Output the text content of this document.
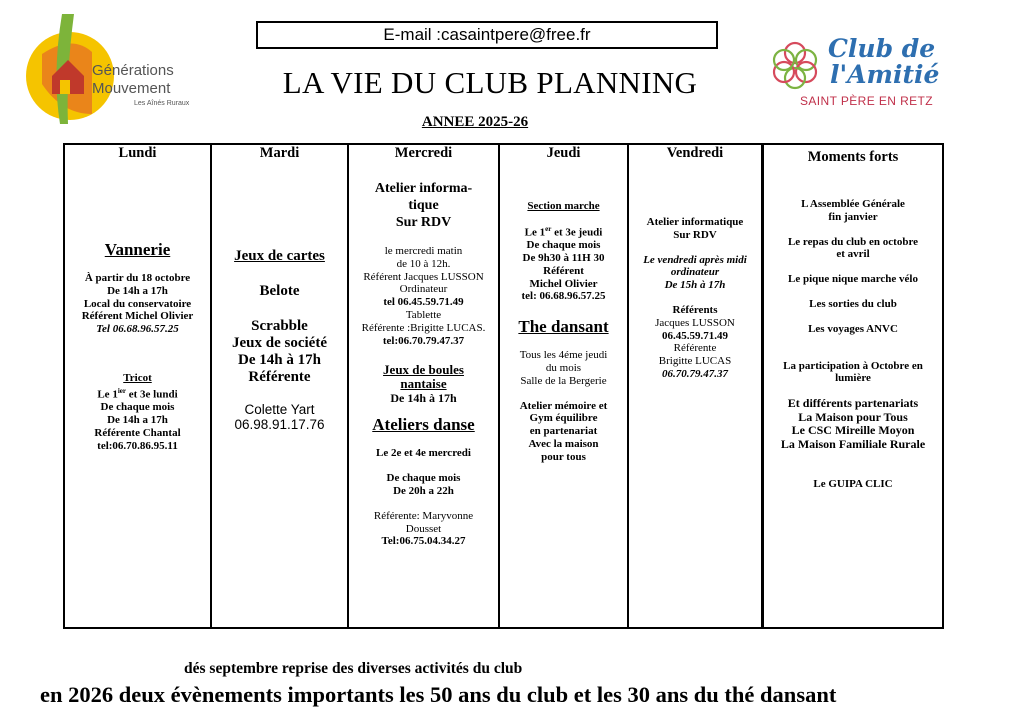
Générations
Mouvement
Les Aînés Ruraux
Club de
l'Amitié
SAINT PÈRE EN RETZ
E-mail :casaintpere@free.fr
LA VIE DU CLUB PLANNING
ANNEE 2025-26
Lundi
Vannerie
À partir du 18 octobre
De 14h a 17h
Local du conservatoire
Référent Michel Olivier
Tel 06.68.96.57.25
Tricot
Le $1^{ier}$ et 3e lundi
De chaque mois
De 14h a 17h
Référente Chantal
tel:06.70.86.95.11
Mardi
Jeux de cartes
Belote
Scrabble
Jeux de société
De 14h à 17h
Référente
Colette Yart
06.98.91.17.76
Mercredi
Atelier informa-
tique
Sur RDV
le mercredi matin
de 10 à 12h.
Référent Jacques LUSSON
Ordinateur
tel 06.45.59.71.49
Tablette
Référente :Brigitte LUCAS.
tel:06.70.79.47.37
Jeux de boules
nantaise
De 14h à 17h
Ateliers danse
Le 2e et 4e mercredi
De chaque mois
De 20h a 22h
Référente: Maryvonne
Dousset
Tel:06.75.04.34.27
Jeudi
Section marche
Le 1er et 3e jeudi
De chaque mois
De 9h30 à 11H 30
Référent
Michel Olivier
tel: 06.68.96.57.25
The dansant
Tous les 4éme jeudi
du mois
Salle de la Bergerie
Atelier mémoire et
Gym équilibre
en partenariat
Avec la maison
pour tous
Vendredi
Atelier informatique
Sur RDV
Le vendredi après midi
ordinateur
De 15h à 17h
Référents
Jacques LUSSON
06.45.59.71.49
Référente
Brigitte LUCAS
06.70.79.47.37
Moments forts
L Assemblée Générale
fin janvier
Le repas du club en octobre
et avril
Le pique nique marche vélo
Les sorties du club
Les voyages ANVC
La participation à Octobre en
lumière
Et différents partenariats
La Maison pour Tous
Le CSC Mireille Moyon
La Maison Familiale Rurale
Le GUIPA CLIC
dés septembre reprise des diverses activités du club
en 2026 deux évènements importants les 50 ans du club et les 30 ans du thé dansant
